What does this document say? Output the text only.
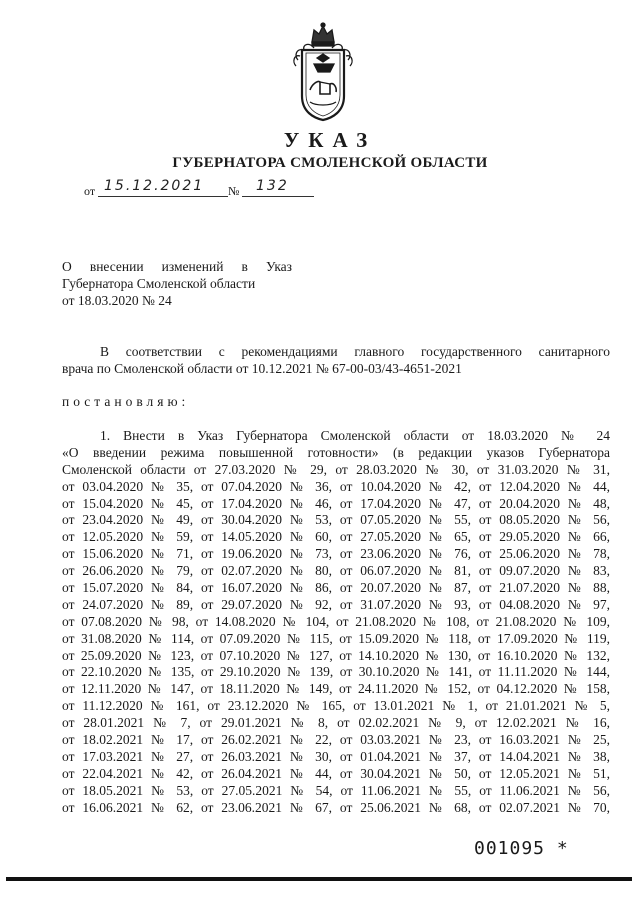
УКАЗ
ГУБЕРНАТОРА СМОЛЕНСКОЙ ОБЛАСТИ
от 15.12.2021 № 132
О внесении изменений в Указ
Губернатора Смоленской области
от 18.03.2020 № 24
В соответствии с рекомендациями главного государственного санитарного
врача по Смоленской области от 10.12.2021 № 67-00-03/43-4651-2021
постановляю:
1. Внести в Указ Губернатора Смоленской области от 18.03.2020 № 24
«О введении режима повышенной готовности» (в редакции указов Губернатора
Смоленской области от 27.03.2020 № 29, от 28.03.2020 № 30, от 31.03.2020 № 31,
от 03.04.2020 № 35, от 07.04.2020 № 36, от 10.04.2020 № 42, от 12.04.2020 № 44,
от 15.04.2020 № 45, от 17.04.2020 № 46, от 17.04.2020 № 47, от 20.04.2020 № 48,
от 23.04.2020 № 49, от 30.04.2020 № 53, от 07.05.2020 № 55, от 08.05.2020 № 56,
от 12.05.2020 № 59, от 14.05.2020 № 60, от 27.05.2020 № 65, от 29.05.2020 № 66,
от 15.06.2020 № 71, от 19.06.2020 № 73, от 23.06.2020 № 76, от 25.06.2020 № 78,
от 26.06.2020 № 79, от 02.07.2020 № 80, от 06.07.2020 № 81, от 09.07.2020 № 83,
от 15.07.2020 № 84, от 16.07.2020 № 86, от 20.07.2020 № 87, от 21.07.2020 № 88,
от 24.07.2020 № 89, от 29.07.2020 № 92, от 31.07.2020 № 93, от 04.08.2020 № 97,
от 07.08.2020 № 98, от 14.08.2020 № 104, от 21.08.2020 № 108, от 21.08.2020 № 109,
от 31.08.2020 № 114, от 07.09.2020 № 115, от 15.09.2020 № 118, от 17.09.2020 № 119,
от 25.09.2020 № 123, от 07.10.2020 № 127, от 14.10.2020 № 130, от 16.10.2020 № 132,
от 22.10.2020 № 135, от 29.10.2020 № 139, от 30.10.2020 № 141, от 11.11.2020 № 144,
от 12.11.2020 № 147, от 18.11.2020 № 149, от 24.11.2020 № 152, от 04.12.2020 № 158,
от 11.12.2020 № 161, от 23.12.2020 № 165, от 13.01.2021 № 1, от 21.01.2021 № 5,
от 28.01.2021 № 7, от 29.01.2021 № 8, от 02.02.2021 № 9, от 12.02.2021 № 16,
от 18.02.2021 № 17, от 26.02.2021 № 22, от 03.03.2021 № 23, от 16.03.2021 № 25,
от 17.03.2021 № 27, от 26.03.2021 № 30, от 01.04.2021 № 37, от 14.04.2021 № 38,
от 22.04.2021 № 42, от 26.04.2021 № 44, от 30.04.2021 № 50, от 12.05.2021 № 51,
от 18.05.2021 № 53, от 27.05.2021 № 54, от 11.06.2021 № 55, от 11.06.2021 № 56,
от 16.06.2021 № 62, от 23.06.2021 № 67, от 25.06.2021 № 68, от 02.07.2021 № 70,
001095 *
